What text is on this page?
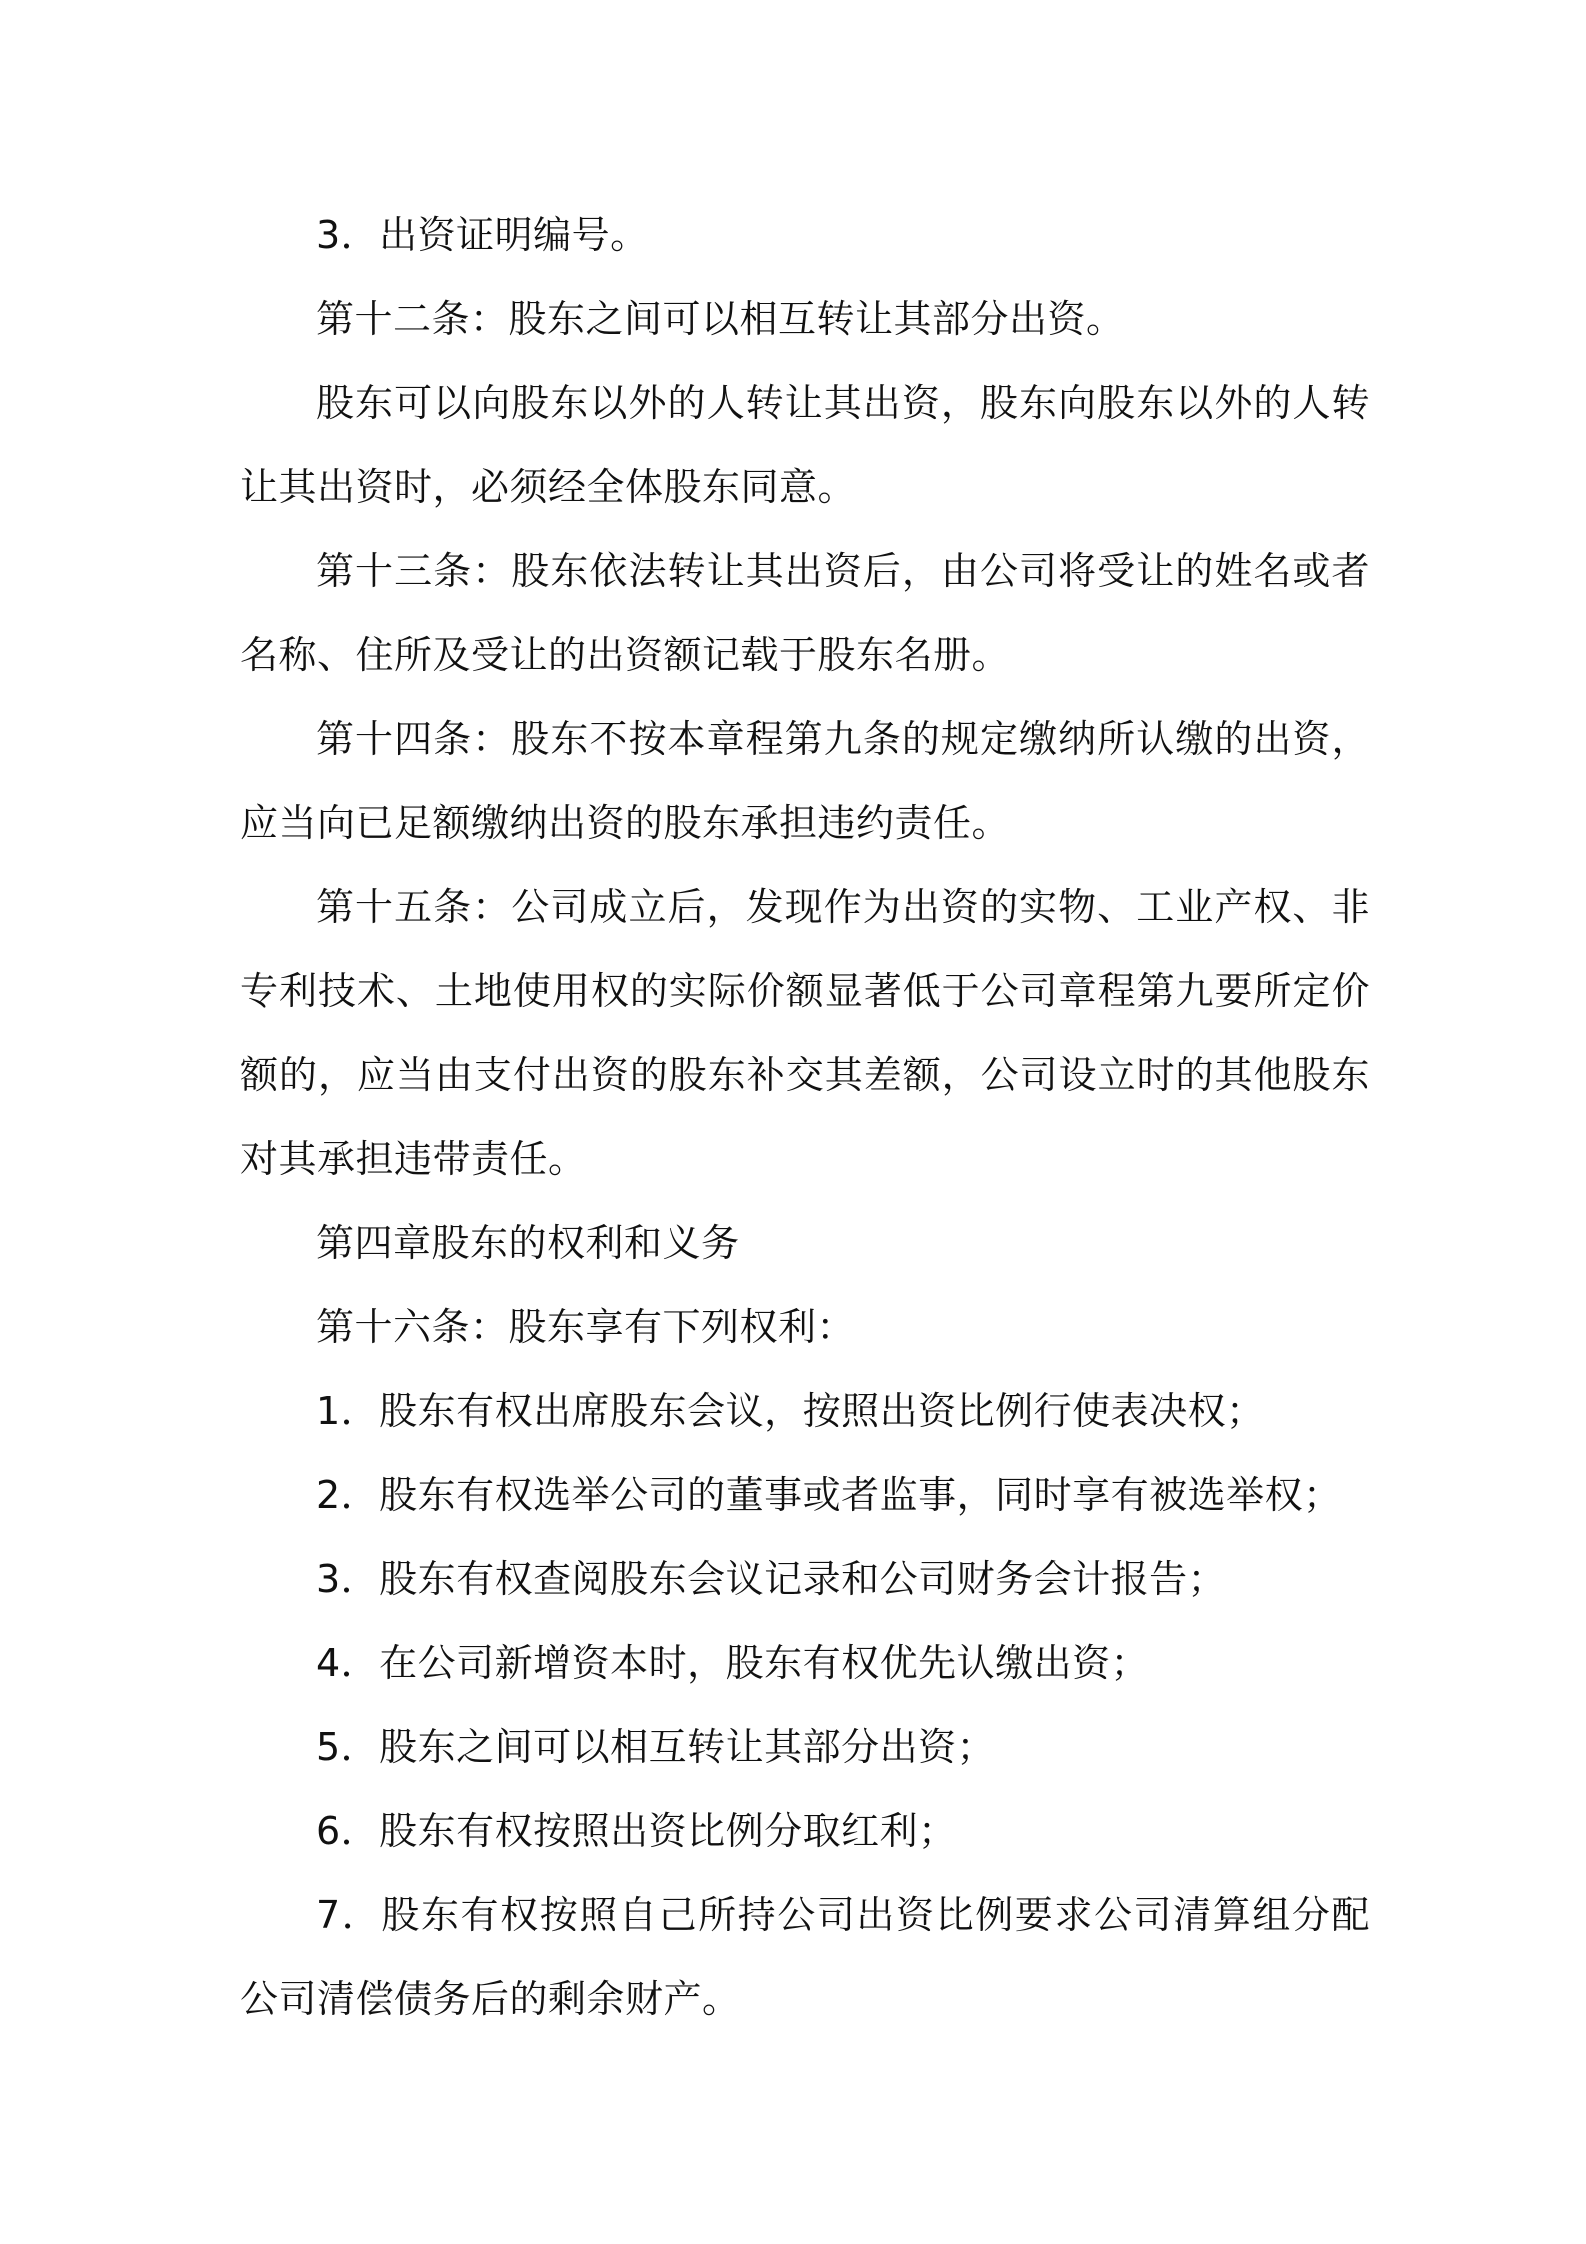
3．出资证明编号。

第十二条：股东之间可以相互转让其部分出资。

股东可以向股东以外的人转让其出资，股东向股东以外的人转让其出资时，必须经全体股东同意。

第十三条：股东依法转让其出资后，由公司将受让的姓名或者名称、住所及受让的出资额记载于股东名册。

第十四条：股东不按本章程第九条的规定缴纳所认缴的出资，应当向已足额缴纳出资的股东承担违约责任。

第十五条：公司成立后，发现作为出资的实物、工业产权、非专利技术、土地使用权的实际价额显著低于公司章程第九要所定价额的，应当由支付出资的股东补交其差额，公司设立时的其他股东对其承担违带责任。

第四章股东的权利和义务

第十六条：股东享有下列权利：

1．股东有权出席股东会议，按照出资比例行使表决权；

2．股东有权选举公司的董事或者监事，同时享有被选举权；

3．股东有权查阅股东会议记录和公司财务会计报告；

4．在公司新增资本时，股东有权优先认缴出资；

5．股东之间可以相互转让其部分出资；

6．股东有权按照出资比例分取红利；

7．股东有权按照自己所持公司出资比例要求公司清算组分配公司清偿债务后的剩余财产。
